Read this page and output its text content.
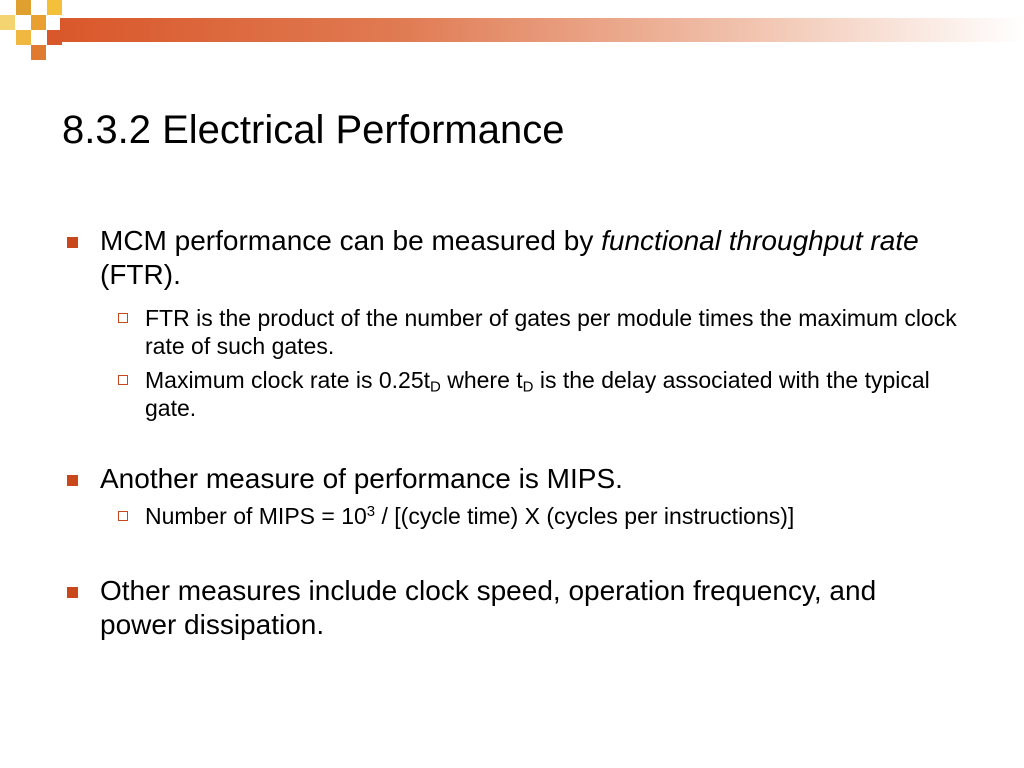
8.3.2 Electrical Performance
MCM performance can be measured by functional throughput rate (FTR).
FTR is the product of the number of gates per module times the maximum clock rate of such gates.
Maximum clock rate is $0.25t_D$ where $t_D$ is the delay associated with the typical gate.
Another measure of performance is MIPS.
Number of MIPS = $10^3$ / [(cycle time) X (cycles per instructions)]
Other measures include clock speed, operation frequency, and power dissipation.
